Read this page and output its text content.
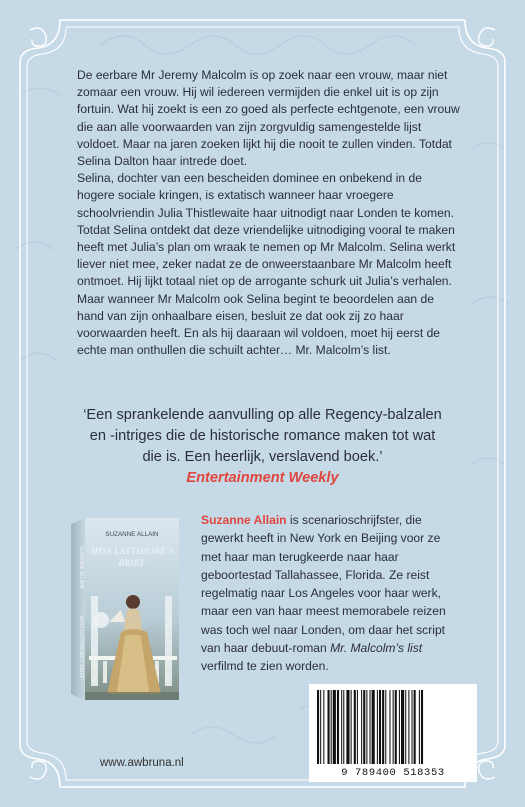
De eerbare Mr Jeremy Malcolm is op zoek naar een vrouw, maar niet zomaar een vrouw. Hij wil iedereen vermijden die enkel uit is op zijn fortuin. Wat hij zoekt is een zo goed als perfecte echtgenote, een vrouw die aan alle voorwaarden van zijn zorgvuldig samengestelde lijst voldoet. Maar na jaren zoeken lijkt hij die nooit te zullen vinden. Totdat Selina Dalton haar intrede doet.

Selina, dochter van een bescheiden dominee en onbekend in de hogere sociale kringen, is extatisch wanneer haar vroegere schoolvriendin Julia Thistlewaite haar uitnodigt naar Londen te komen. Totdat Selina ontdekt dat deze vriendelijke uitnodiging vooral te maken heeft met Julia’s plan om wraak te nemen op Mr Malcolm. Selina werkt liever niet mee, zeker nadat ze de onweerstaanbare Mr Malcolm heeft ontmoet. Hij lijkt totaal niet op de arrogante schurk uit Julia’s verhalen.

Maar wanneer Mr Malcolm ook Selina begint te beoordelen aan de hand van zijn onhaalbare eisen, besluit ze dat ook zij zo haar voorwaarden heeft. En als hij daaraan wil voldoen, moet hij eerst de echte man onthullen die schuilt achter… Mr. Malcolm’s list.

‘Een sprankelende aanvulling op alle Regency-balzalen en -intriges die de historische romance maken tot wat die is. Een heerlijk, verslavend boek.’
Entertainment Weekly
SUZANNE ALLAIN
MISS LATTIMORE'S
BRIEF
SUZANNE ALLAIN
MISS LATTIMORE'S BRIEF
Suzanne Allain is scenarioschrijfster, die gewerkt heeft in New York en Beijing voor ze met haar man terugkeerde naar haar geboortestad Tallahassee, Florida. Ze reist regelmatig naar Los Angeles voor haar werk, maar een van haar meest memorabele reizen was toch wel naar Londen, om daar het script van haar debuut-roman Mr. Malcolm’s list verfilmd te zien worden.
9 789400 518353
www.awbruna.nl
